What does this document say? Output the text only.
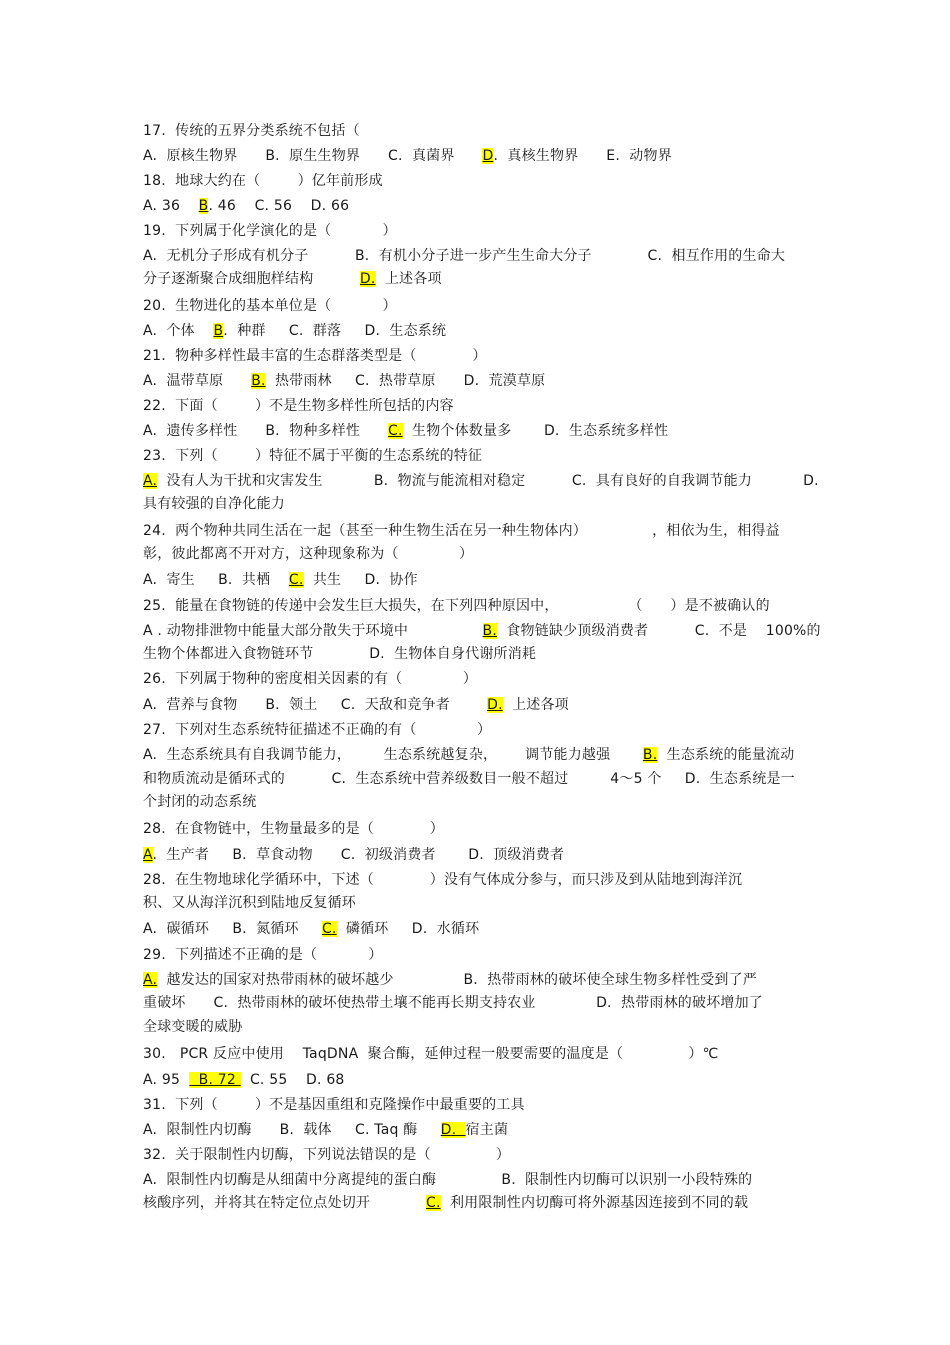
17.  传统的五界分类系统不包括（
A.  原核生物界      B.  原生生物界      C.  真菌界      D.  真核生物界      E.  动物界
18.  地球大约在（        ）亿年前形成
A. 36    B. 46    C. 56    D. 66
19.  下列属于化学演化的是（           ）
A.  无机分子形成有机分子          B.  有机小分子进一步产生生命大分子            C.  相互作用的生命大
分子逐渐聚合成细胞样结构          D.  上述各项
20.  生物进化的基本单位是（           ）
A.  个体    B.  种群     C.  群落     D.  生态系统
21.  物种多样性最丰富的生态群落类型是（            ）
A.  温带草原      B.  热带雨林     C.  热带草原      D.  荒漠草原
22.  下面（        ）不是生物多样性所包括的内容
A.  遗传多样性      B.  物种多样性      C.  生物个体数量多       D.  生态系统多样性
23.  下列（        ）特征不属于平衡的生态系统的特征
A.  没有人为干扰和灾害发生           B.  物流与能流相对稳定          C.  具有良好的自我调节能力           D.
具有较强的自净化能力
24.  两个物种共同生活在一起（甚至一种生物生活在另一种生物体内）              ，相依为生，相得益
彰，彼此都离不开对方，这种现象称为（             ）
A.  寄生     B.  共栖    C.  共生     D.  协作
25.  能量在食物链的传递中会发生巨大损失，在下列四种原因中，               （      ）是不被确认的
A . 动物排泄物中能量大部分散失于环境中                B.  食物链缺少顶级消费者          C.  不是    100%的
生物个体都进入食物链环节            D.  生物体自身代谢所消耗
26.  下列属于物种的密度相关因素的有（             ）
A.  营养与食物      B.  领土     C.  天敌和竞争者        D.  上述各项
27.  下列对生态系统特征描述不正确的有（             ）
A.  生态系统具有自我调节能力，       生态系统越复杂，      调节能力越强       B.  生态系统的能量流动
和物质流动是循环式的          C.  生态系统中营养级数目一般不超过         4～5 个     D.  生态系统是一
个封闭的动态系统
28.  在食物链中，生物量最多的是（            ）
A.  生产者     B.  草食动物      C.  初级消费者       D.  顶级消费者
28.  在生物地球化学循环中，下述（            ）没有气体成分参与，而只涉及到从陆地到海洋沉
积、又从海洋沉积到陆地反复循环
A.  碳循环     B.  氮循环     C.  磷循环     D.  水循环
29.  下列描述不正确的是（           ）
A.  越发达的国家对热带雨林的破坏越少               B.  热带雨林的破坏使全球生物多样性受到了严
重破坏      C.  热带雨林的破坏使热带土壤不能再长期支持农业             D.  热带雨林的破坏增加了
全球变暖的威胁
30.   PCR 反应中使用    TaqDNA  聚合酶，延伸过程一般要需要的温度是（              ）℃
A. 95    B. 72   C. 55    D. 68
31.  下列（        ）不是基因重组和克隆操作中最重要的工具
A.  限制性内切酶      B.  载体     C. Taq 酶     D.  宿主菌
32.  关于限制性内切酶，下列说法错误的是（              ）
A.  限制性内切酶是从细菌中分离提纯的蛋白酶              B.  限制性内切酶可以识别一小段特殊的
核酸序列，并将其在特定位点处切开            C.  利用限制性内切酶可将外源基因连接到不同的载
